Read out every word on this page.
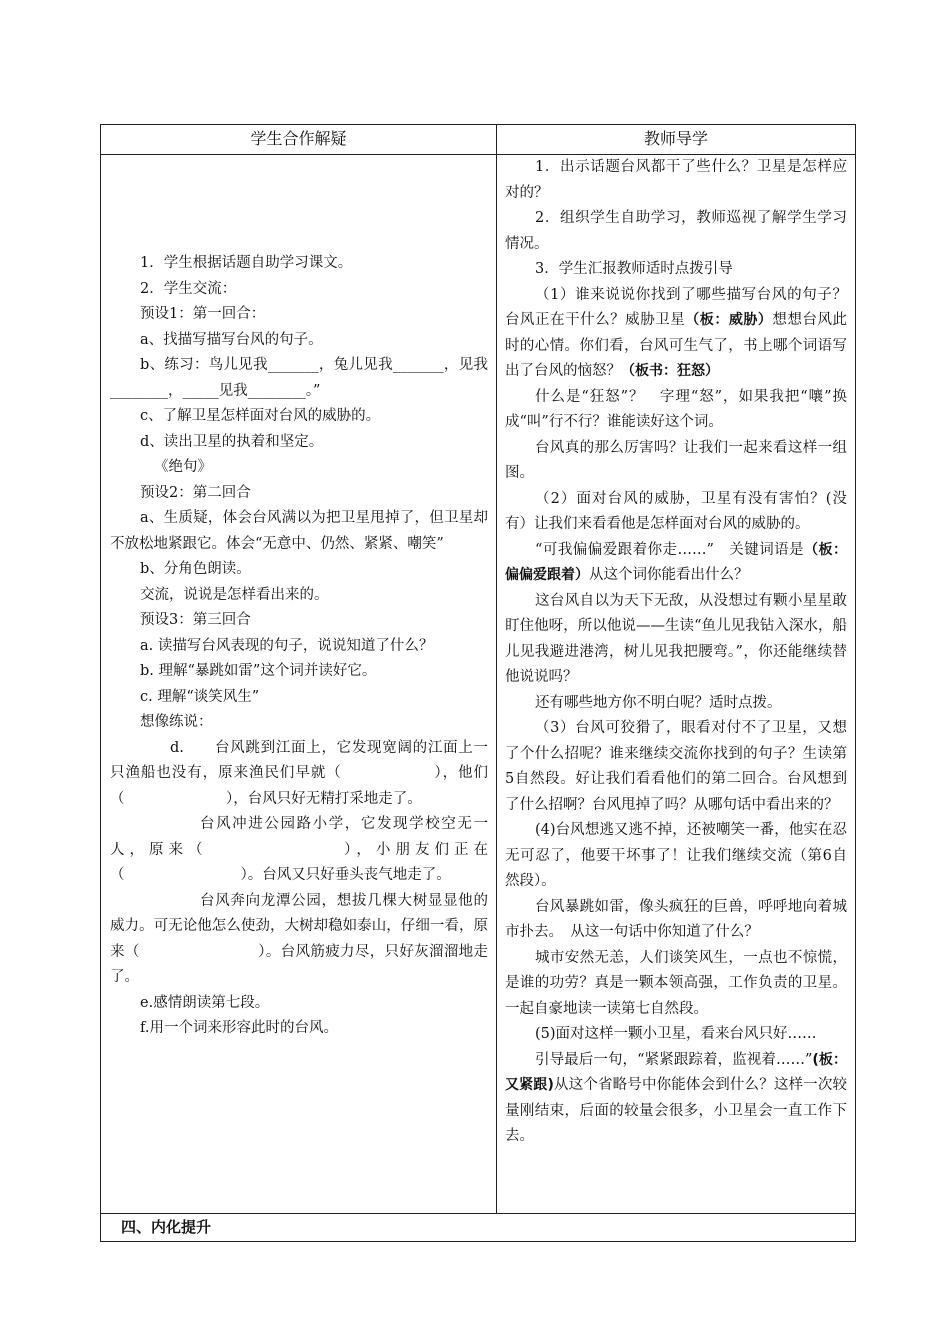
学生合作解疑	教师导学

1．学生根据话题自助学习课文。

2．学生交流：

预设1：第一回合：

a、找描写描写台风的句子。

b、练习：鸟儿见我_______，兔儿见我_______，见我________，_____见我________。”

c、了解卫星怎样面对台风的威胁的。

d、读出卫星的执着和坚定。

《绝句》

预设2：第二回合

a、生质疑，体会台风满以为把卫星甩掉了，但卫星却不放松地紧跟它。体会“无意中、仍然、紧紧、嘲笑”

b、分角色朗读。

交流，说说是怎样看出来的。

预设3：第三回合

a. 读描写台风表现的句子，说说知道了什么？

b. 理解“暴跳如雷”这个词并读好它。

c. 理解“谈笑风生”

想像练说：

d.　　台风跳到江面上，它发现宽阔的江面上一只渔船也没有，原来渔民们早就（　　　　　　），他们（　　　　　　　），台风只好无精打采地走了。

台风冲进公园路小学，它发现学校空无一人，原来（　　　　　　　），小朋友们正在（　　　　　　　　）。台风又只好垂头丧气地走了。

台风奔向龙潭公园，想拔几棵大树显显他的威力。可无论他怎么使劲，大树却稳如泰山，仔细一看，原来（　　　　　　　　）。台风筋疲力尽，只好灰溜溜地走了。

e.感情朗读第七段。

f.用一个词来形容此时的台风。

1．出示话题台风都干了些什么？卫星是怎样应对的？

2．组织学生自助学习，教师巡视了解学生学习情况。

3．学生汇报教师适时点拨引导

（1）谁来说说你找到了哪些描写台风的句子？　台风正在干什么？威胁卫星（板：威胁）想想台风此时的心情。你们看，台风可生气了，书上哪个词语写出了台风的恼怒？（板书：狂怒）

什么是“狂怒”？　字理“怒”，如果我把“嚷”换成“叫”行不行？谁能读好这个词。

台风真的那么厉害吗？让我们一起来看这样一组图。

（2）面对台风的威胁，卫星有没有害怕？(没有）让我们来看看他是怎样面对台风的威胁的。

“可我偏偏爱跟着你走……”　关键词语是（板：偏偏爱跟着）从这个词你能看出什么？

这台风自以为天下无敌，从没想过有颗小星星敢盯住他呀，所以他说——生读“鱼儿见我钻入深水，船儿见我避进港湾，树儿见我把腰弯。”，你还能继续替他说说吗？

还有哪些地方你不明白呢？适时点拨。

（3）台风可狡猾了，眼看对付不了卫星，又想了个什么招呢？谁来继续交流你找到的句子？生读第5自然段。好让我们看看他们的第二回合。台风想到了什么招啊？台风甩掉了吗？从哪句话中看出来的？

(4)台风想逃又逃不掉，还被嘲笑一番，他实在忍无可忍了，他要干坏事了！让我们继续交流（第6自然段）。

台风暴跳如雷，像头疯狂的巨兽，呼呼地向着城市扑去。　从这一句话中你知道了什么？

城市安然无恙，人们谈笑风生，一点也不惊慌，是谁的功劳？真是一颗本领高强，工作负责的卫星。一起自豪地读一读第七自然段。

(5)面对这样一颗小卫星，看来台风只好……

引导最后一句，“紧紧跟踪着，监视着……”(板：又紧跟)从这个省略号中你能体会到什么？这样一次较量刚结束，后面的较量会很多，小卫星会一直工作下去。

四、内化提升
